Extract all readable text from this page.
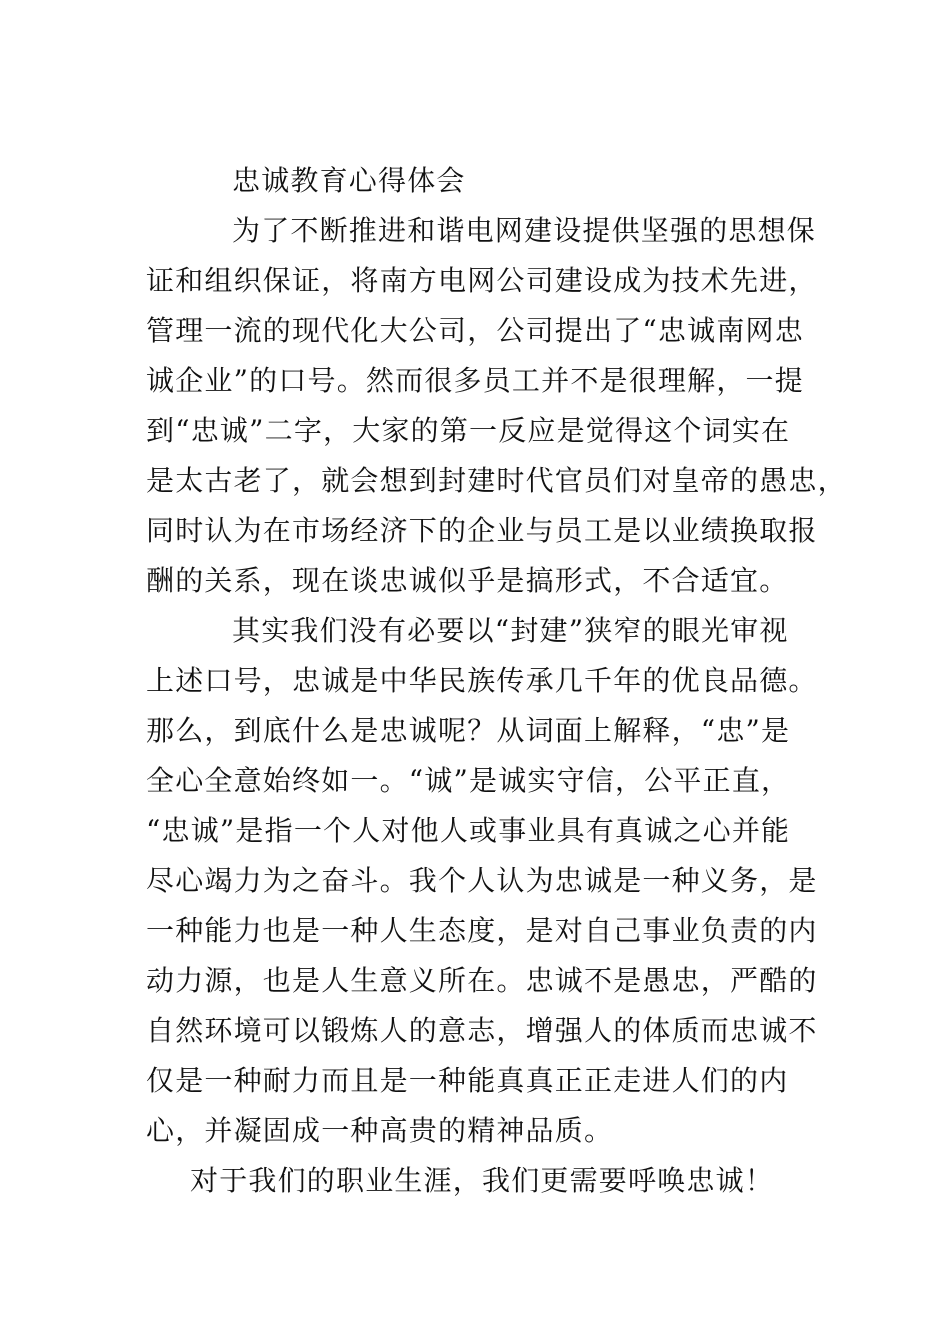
忠诚教育心得体会
为了不断推进和谐电网建设提供坚强的思想保
证和组织保证，将南方电网公司建设成为技术先进，
管理一流的现代化大公司，公司提出了“忠诚南网忠
诚企业”的口号。然而很多员工并不是很理解，一提
到“忠诚”二字，大家的第一反应是觉得这个词实在
是太古老了，就会想到封建时代官员们对皇帝的愚忠，
同时认为在市场经济下的企业与员工是以业绩换取报
酬的关系，现在谈忠诚似乎是搞形式，不合适宜。
其实我们没有必要以“封建”狭窄的眼光审视
上述口号，忠诚是中华民族传承几千年的优良品德。
那么，到底什么是忠诚呢？从词面上解释，“忠”是
全心全意始终如一。“诚”是诚实守信，公平正直，
“忠诚”是指一个人对他人或事业具有真诚之心并能
尽心竭力为之奋斗。我个人认为忠诚是一种义务，是
一种能力也是一种人生态度，是对自己事业负责的内
动力源，也是人生意义所在。忠诚不是愚忠，严酷的
自然环境可以锻炼人的意志，增强人的体质而忠诚不
仅是一种耐力而且是一种能真真正正走进人们的内
心，并凝固成一种高贵的精神品质。
对于我们的职业生涯，我们更需要呼唤忠诚！
